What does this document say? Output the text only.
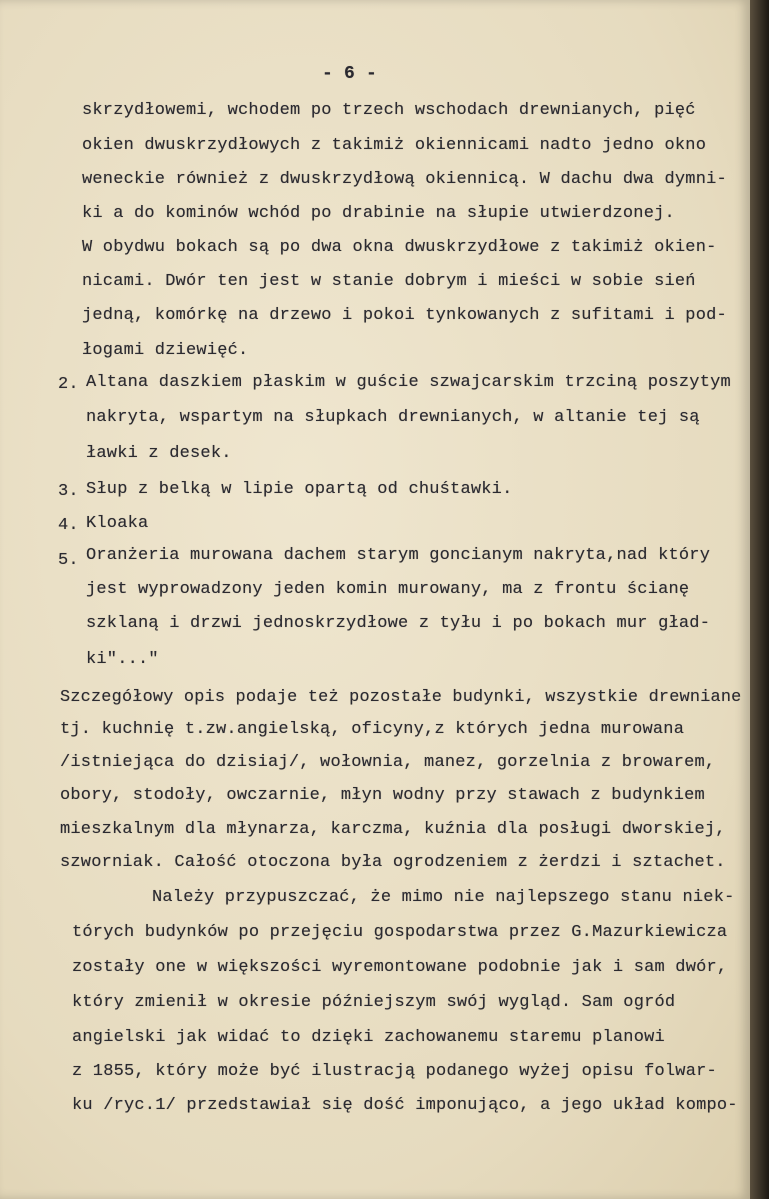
- 6 -
skrzydłowemi, wchodem po trzech wschodach drewnianych, pięć
okien dwuskrzydłowych z takimiż okiennicami nadto jedno okno
weneckie również z dwuskrzydłową okiennicą. W dachu dwa dymni-
ki a do kominów wchód po drabinie na słupie utwierdzonej.
W obydwu bokach są po dwa okna dwuskrzydłowe z takimiż okien-
nicami. Dwór ten jest w stanie dobrym i mieści w sobie sień
jedną, komórkę na drzewo i pokoi tynkowanych z sufitami i pod-
łogami dziewięć.
2. Altana daszkiem płaskim w guście szwajcarskim trzciną poszytym
nakryta, wspartym na słupkach drewnianych, w altanie tej są
ławki z desek.
3. Słup z belką w lipie opartą od chuśtawki.
4. Kloaka
5. Oranżeria murowana dachem starym goncianym nakryta,nad który
jest wyprowadzony jeden komin murowany, ma z frontu ścianę
szklaną i drzwi jednoskrzydłowe z tyłu i po bokach mur gład-
ki"..."
Szczegółowy opis podaje też pozostałe budynki, wszystkie drewniane
tj. kuchnię t.zw.angielską, oficyny,z których jedna murowana
/istniejąca do dzisiaj/, wołownia, manez, gorzelnia z browarem,
obory, stodoły, owczarnie, młyn wodny przy stawach z budynkiem
mieszkalnym dla młynarza, karczma, kuźnia dla posługi dworskiej,
szworniak. Całość otoczona była ogrodzeniem z żerdzi i sztachet.
Należy przypuszczać, że mimo nie najlepszego stanu niek-
tórych budynków po przejęciu gospodarstwa przez G.Mazurkiewicza
zostały one w większości wyremontowane podobnie jak i sam dwór,
który zmienił w okresie późniejszym swój wygląd. Sam ogród
angielski jak widać to dzięki zachowanemu staremu planowi
z 1855, który może być ilustracją podanego wyżej opisu folwar-
ku /ryc.1/ przedstawiał się dość imponująco, a jego układ kompo-
